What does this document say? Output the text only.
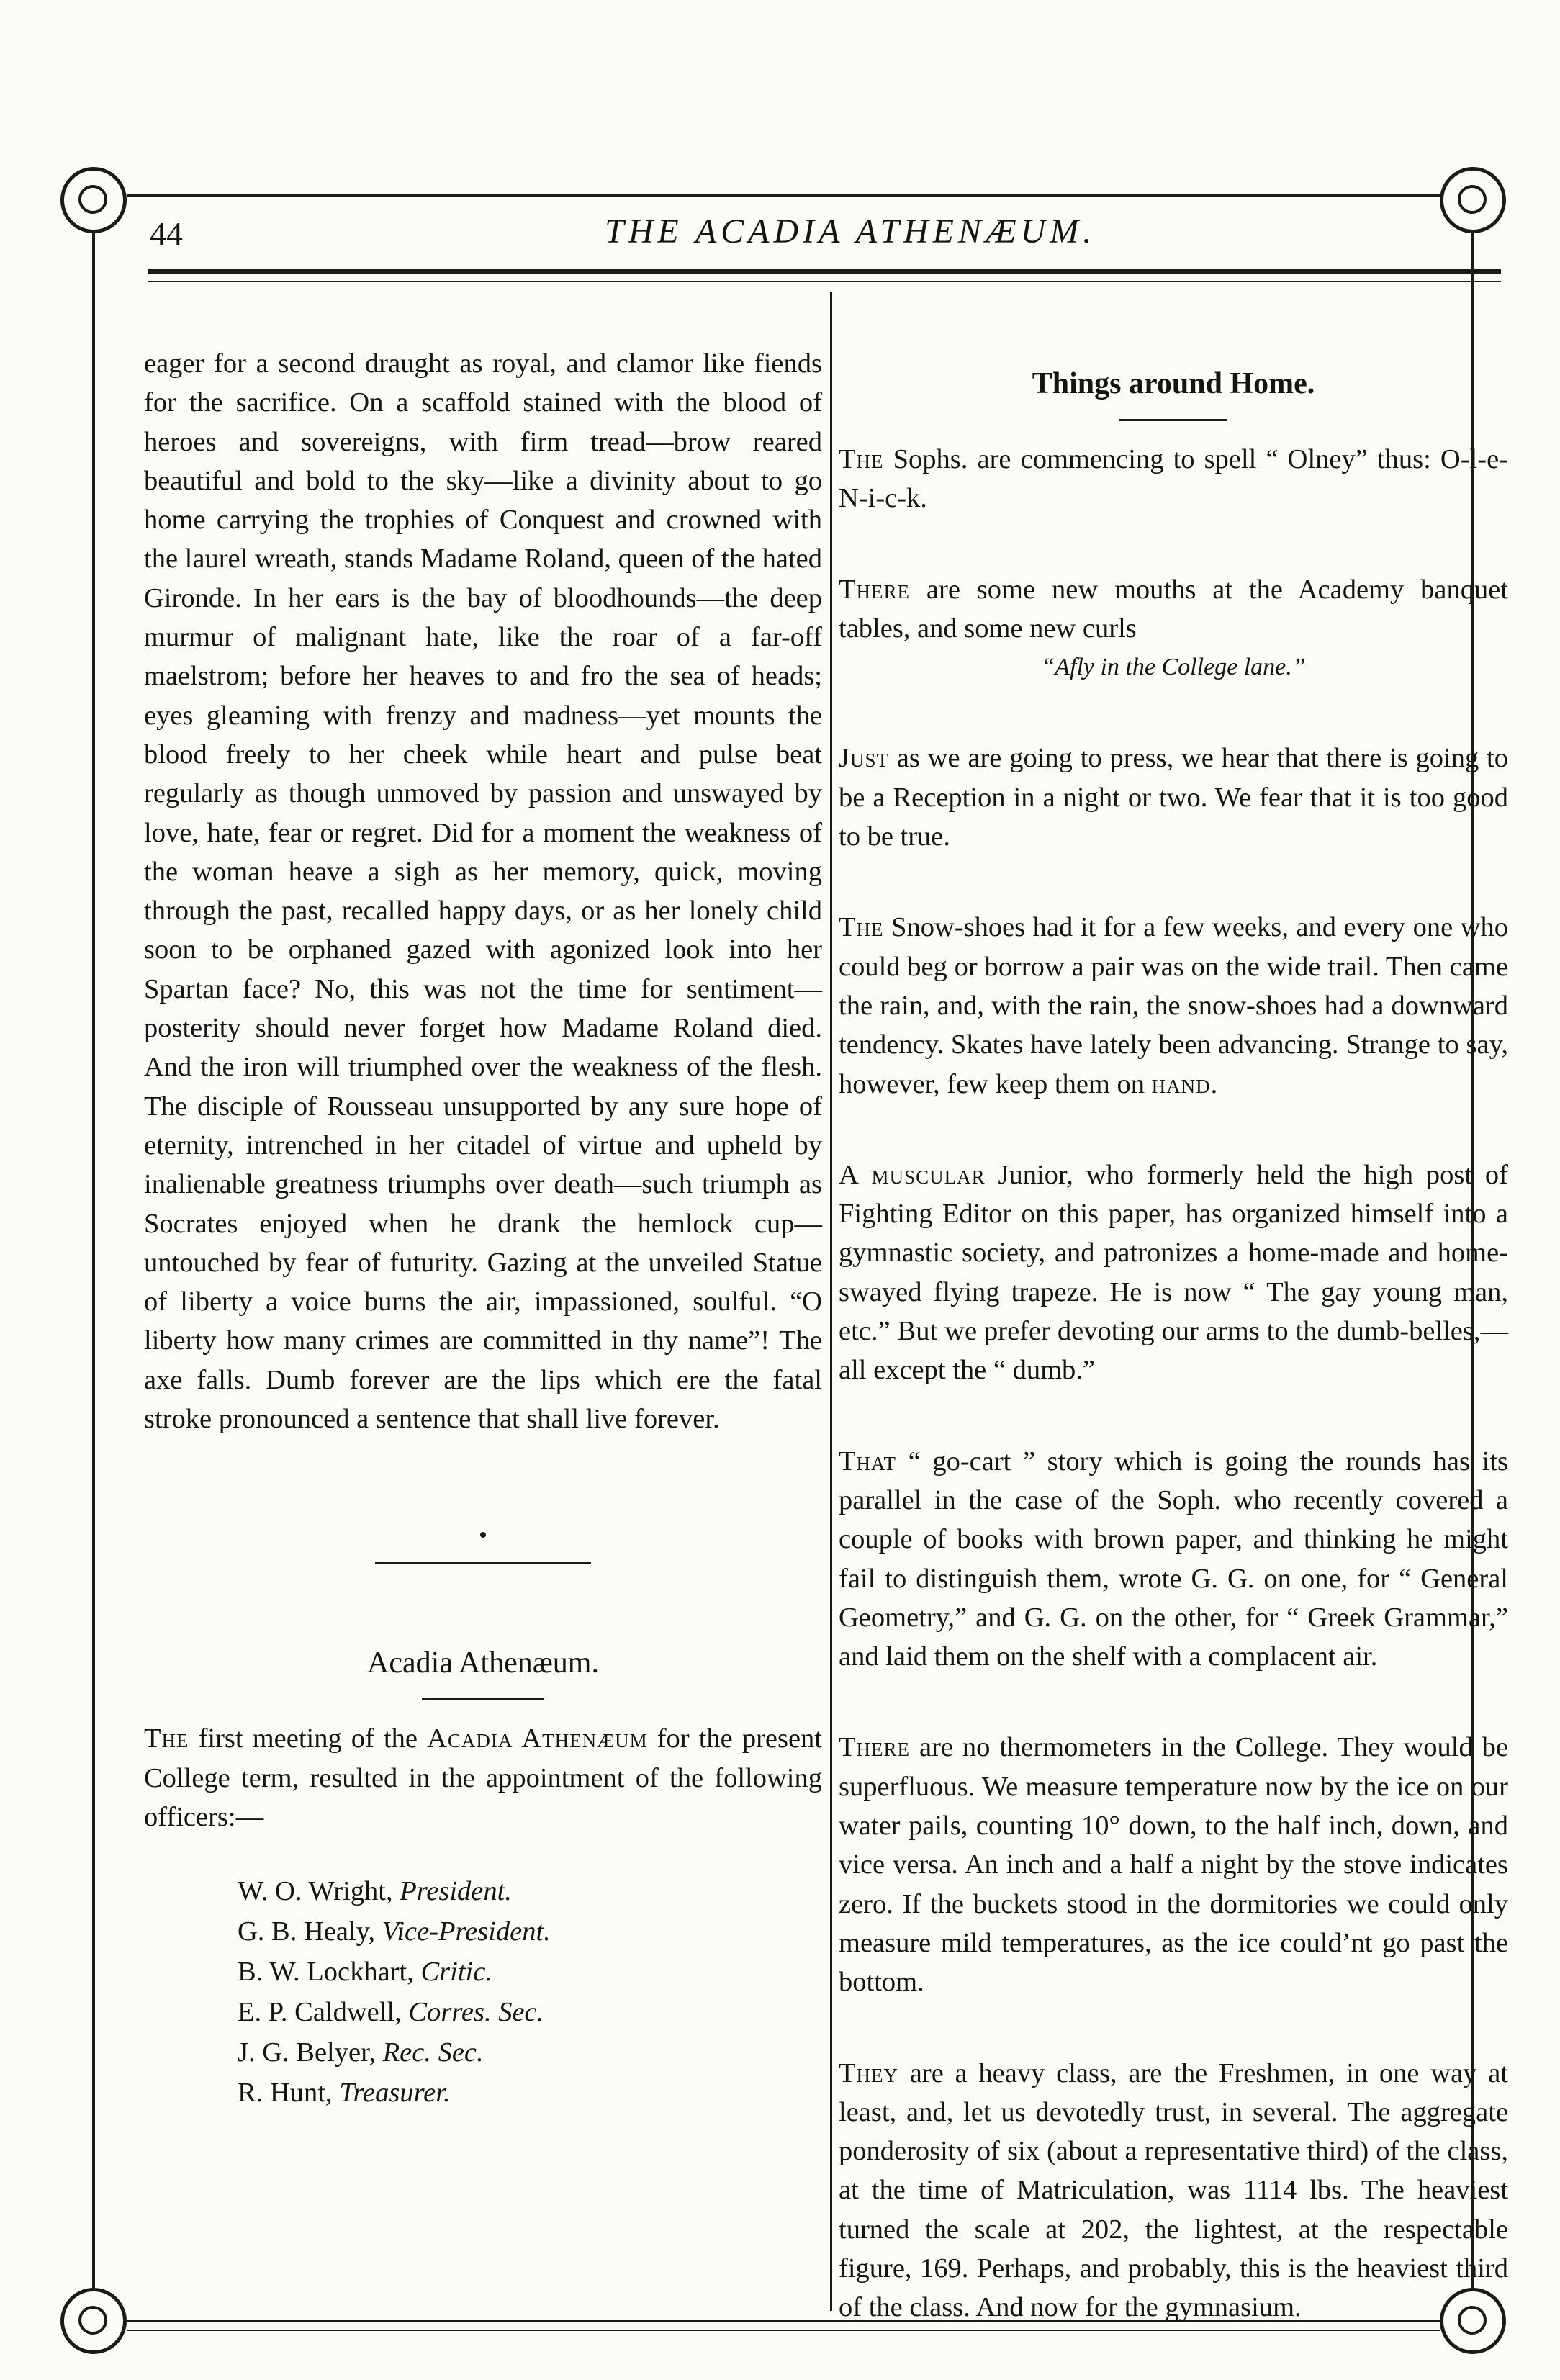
44	THE ACADIA ATHENÆUM.

eager for a second draught as royal, and clamor like fiends for the sacrifice. On a scaffold stained with the blood of heroes and sovereigns, with firm tread—brow reared beautiful and bold to the sky—like a divinity about to go home carrying the trophies of Conquest and crowned with the laurel wreath, stands Madame Roland, queen of the hated Gironde. In her ears is the bay of bloodhounds—the deep murmur of malignant hate, like the roar of a far-off maelstrom; before her heaves to and fro the sea of heads; eyes gleaming with frenzy and madness—yet mounts the blood freely to her cheek while heart and pulse beat regularly as though unmoved by passion and unswayed by love, hate, fear or regret. Did for a moment the weakness of the woman heave a sigh as her memory, quick, moving through the past, recalled happy days, or as her lonely child soon to be orphaned gazed with agonized look into her Spartan face? No, this was not the time for sentiment—posterity should never forget how Madame Roland died. And the iron will triumphed over the weakness of the flesh. The disciple of Rousseau unsupported by any sure hope of eternity, intrenched in her citadel of virtue and upheld by inalienable greatness triumphs over death—such triumph as Socrates enjoyed when he drank the hemlock cup—untouched by fear of futurity. Gazing at the unveiled Statue of liberty a voice burns the air, impassioned, soulful. “O liberty how many crimes are committed in thy name”! The axe falls. Dumb forever are the lips which ere the fatal stroke pronounced a sentence that shall live forever.

Acadia Athenæum.

The first meeting of the Acadia Athenæum for the present College term, resulted in the appointment of the following officers:—

W. O. Wright, President.
G. B. Healy, Vice-President.
B. W. Lockhart, Critic.
E. P. Caldwell, Corres. Sec.
J. G. Belyer, Rec. Sec.
R. Hunt, Treasurer.
Things around Home.
The Sophs. are commencing to spell “ Olney” thus: O-l-e-N-i-c-k.
There are some new mouths at the Academy banquet tables, and some new curls
“Afly in the College lane.”
Just as we are going to press, we hear that there is going to be a Reception in a night or two. We fear that it is too good to be true.
The Snow-shoes had it for a few weeks, and every one who could beg or borrow a pair was on the wide trail. Then came the rain, and, with the rain, the snow-shoes had a downward tendency. Skates have lately been advancing. Strange to say, however, few keep them on hand.
A muscular Junior, who formerly held the high post of Fighting Editor on this paper, has organized himself into a gymnastic society, and patronizes a home-made and home-swayed flying trapeze. He is now “ The gay young man, etc.” But we prefer devoting our arms to the dumb-belles,—all except the “ dumb.”
That “ go-cart ” story which is going the rounds has its parallel in the case of the Soph. who recently covered a couple of books with brown paper, and thinking he might fail to distinguish them, wrote G. G. on one, for “ General Geometry,” and G. G. on the other, for “ Greek Grammar,” and laid them on the shelf with a complacent air.
There are no thermometers in the College. They would be superfluous. We measure temperature now by the ice on our water pails, counting 10° down, to the half inch, down, and vice versa. An inch and a half a night by the stove indicates zero. If the buckets stood in the dormitories we could only measure mild temperatures, as the ice could’nt go past the bottom.
They are a heavy class, are the Freshmen, in one way at least, and, let us devotedly trust, in several. The aggregate ponderosity of six (about a representative third) of the class, at the time of Matriculation, was 1114 lbs. The heaviest turned the scale at 202, the lightest, at the respectable figure, 169. Perhaps, and probably, this is the heaviest third of the class. And now for the gymnasium.
